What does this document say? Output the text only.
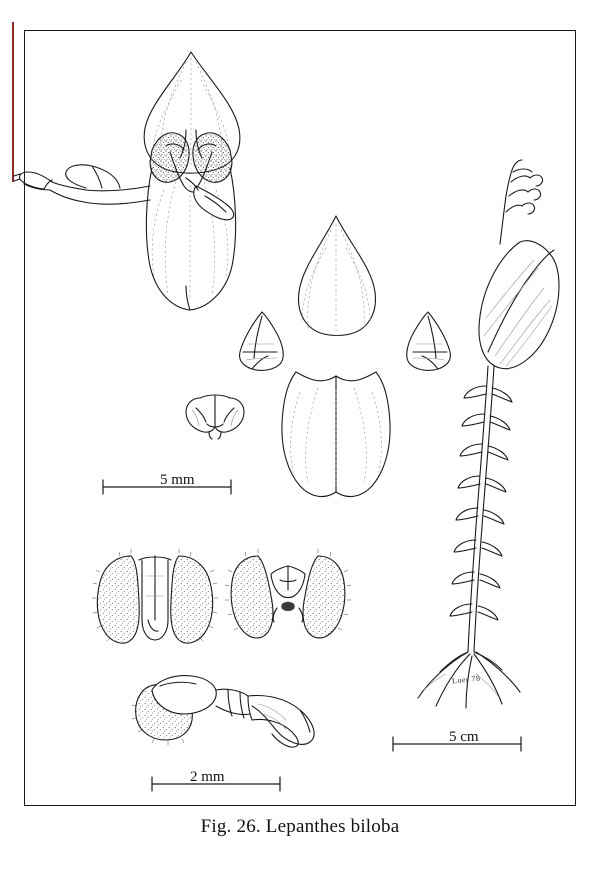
5 mm
2 mm
5 cm
Luer 78
Fig. 26. Lepanthes biloba
